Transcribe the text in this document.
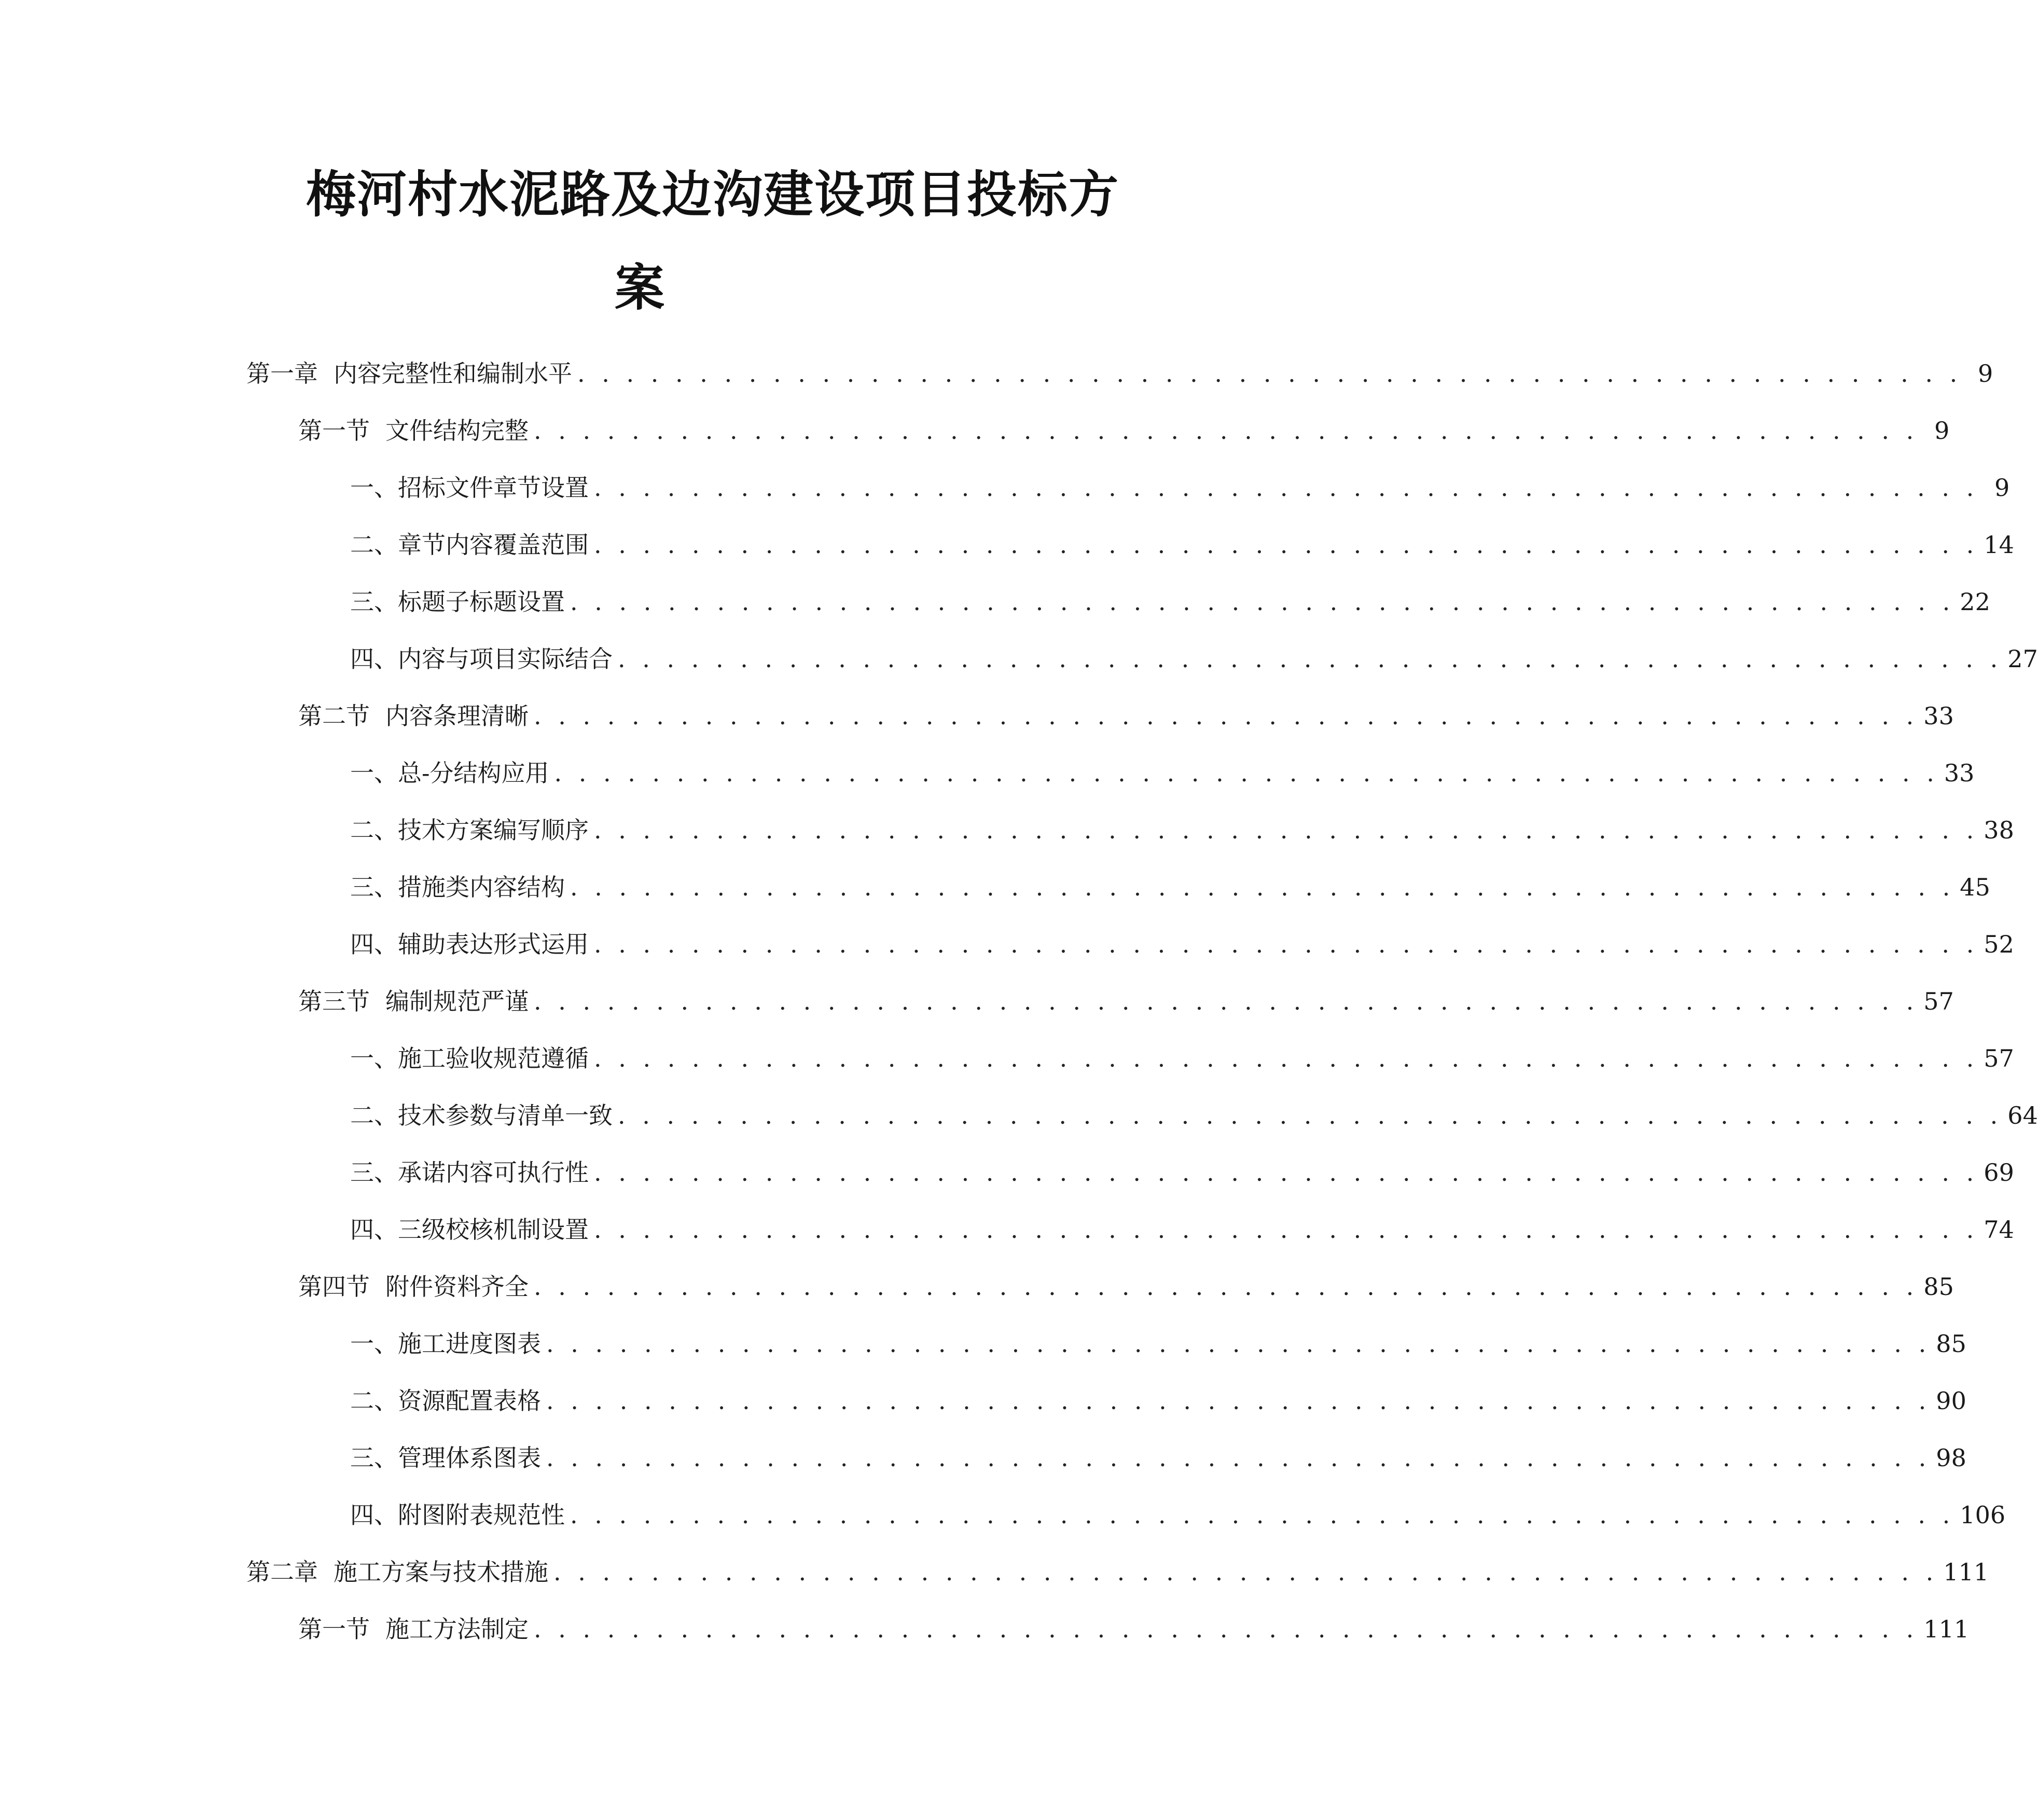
梅河村水泥路及边沟建设项目投标方
案
第一章 内容完整性和编制水平 . . . . . . . . . . . . . . . . . . . . . . . . . . . . . . . . . . . . . . . . . . . . . . . . . . . . . . . . . 9
第一节 文件结构完整 . . . . . . . . . . . . . . . . . . . . . . . . . . . . . . . . . . . . . . . . . . . . . . . . . . . . . . . . . 9
一、 招标文件章节设置 . . . . . . . . . . . . . . . . . . . . . . . . . . . . . . . . . . . . . . . . . . . . . . . . . . . . . . . . . 9
二、 章节内容覆盖范围 . . . . . . . . . . . . . . . . . . . . . . . . . . . . . . . . . . . . . . . . . . . . . . . . . . . . . . . . . 14
三、 标题子标题设置 . . . . . . . . . . . . . . . . . . . . . . . . . . . . . . . . . . . . . . . . . . . . . . . . . . . . . . . . . 22
四、 内容与项目实际结合 . . . . . . . . . . . . . . . . . . . . . . . . . . . . . . . . . . . . . . . . . . . . . . . . . . . . . . . . . 27
第二节 内容条理清晰 . . . . . . . . . . . . . . . . . . . . . . . . . . . . . . . . . . . . . . . . . . . . . . . . . . . . . . . . . 33
一、 总-分结构应用 . . . . . . . . . . . . . . . . . . . . . . . . . . . . . . . . . . . . . . . . . . . . . . . . . . . . . . . . . 33
二、 技术方案编写顺序 . . . . . . . . . . . . . . . . . . . . . . . . . . . . . . . . . . . . . . . . . . . . . . . . . . . . . . . . . 38
三、 措施类内容结构 . . . . . . . . . . . . . . . . . . . . . . . . . . . . . . . . . . . . . . . . . . . . . . . . . . . . . . . . . 45
四、 辅助表达形式运用 . . . . . . . . . . . . . . . . . . . . . . . . . . . . . . . . . . . . . . . . . . . . . . . . . . . . . . . . . 52
第三节 编制规范严谨 . . . . . . . . . . . . . . . . . . . . . . . . . . . . . . . . . . . . . . . . . . . . . . . . . . . . . . . . . 57
一、 施工验收规范遵循 . . . . . . . . . . . . . . . . . . . . . . . . . . . . . . . . . . . . . . . . . . . . . . . . . . . . . . . . . 57
二、 技术参数与清单一致 . . . . . . . . . . . . . . . . . . . . . . . . . . . . . . . . . . . . . . . . . . . . . . . . . . . . . . . . . 64
三、 承诺内容可执行性 . . . . . . . . . . . . . . . . . . . . . . . . . . . . . . . . . . . . . . . . . . . . . . . . . . . . . . . . . 69
四、 三级校核机制设置 . . . . . . . . . . . . . . . . . . . . . . . . . . . . . . . . . . . . . . . . . . . . . . . . . . . . . . . . . 74
第四节 附件资料齐全 . . . . . . . . . . . . . . . . . . . . . . . . . . . . . . . . . . . . . . . . . . . . . . . . . . . . . . . . . 85
一、 施工进度图表 . . . . . . . . . . . . . . . . . . . . . . . . . . . . . . . . . . . . . . . . . . . . . . . . . . . . . . . . . 85
二、 资源配置表格 . . . . . . . . . . . . . . . . . . . . . . . . . . . . . . . . . . . . . . . . . . . . . . . . . . . . . . . . . 90
三、 管理体系图表 . . . . . . . . . . . . . . . . . . . . . . . . . . . . . . . . . . . . . . . . . . . . . . . . . . . . . . . . . 98
四、 附图附表规范性 . . . . . . . . . . . . . . . . . . . . . . . . . . . . . . . . . . . . . . . . . . . . . . . . . . . . . . . . . 106
第二章 施工方案与技术措施 . . . . . . . . . . . . . . . . . . . . . . . . . . . . . . . . . . . . . . . . . . . . . . . . . . . . . . . . . 111
第一节 施工方法制定 . . . . . . . . . . . . . . . . . . . . . . . . . . . . . . . . . . . . . . . . . . . . . . . . . . . . . . . . . 111
